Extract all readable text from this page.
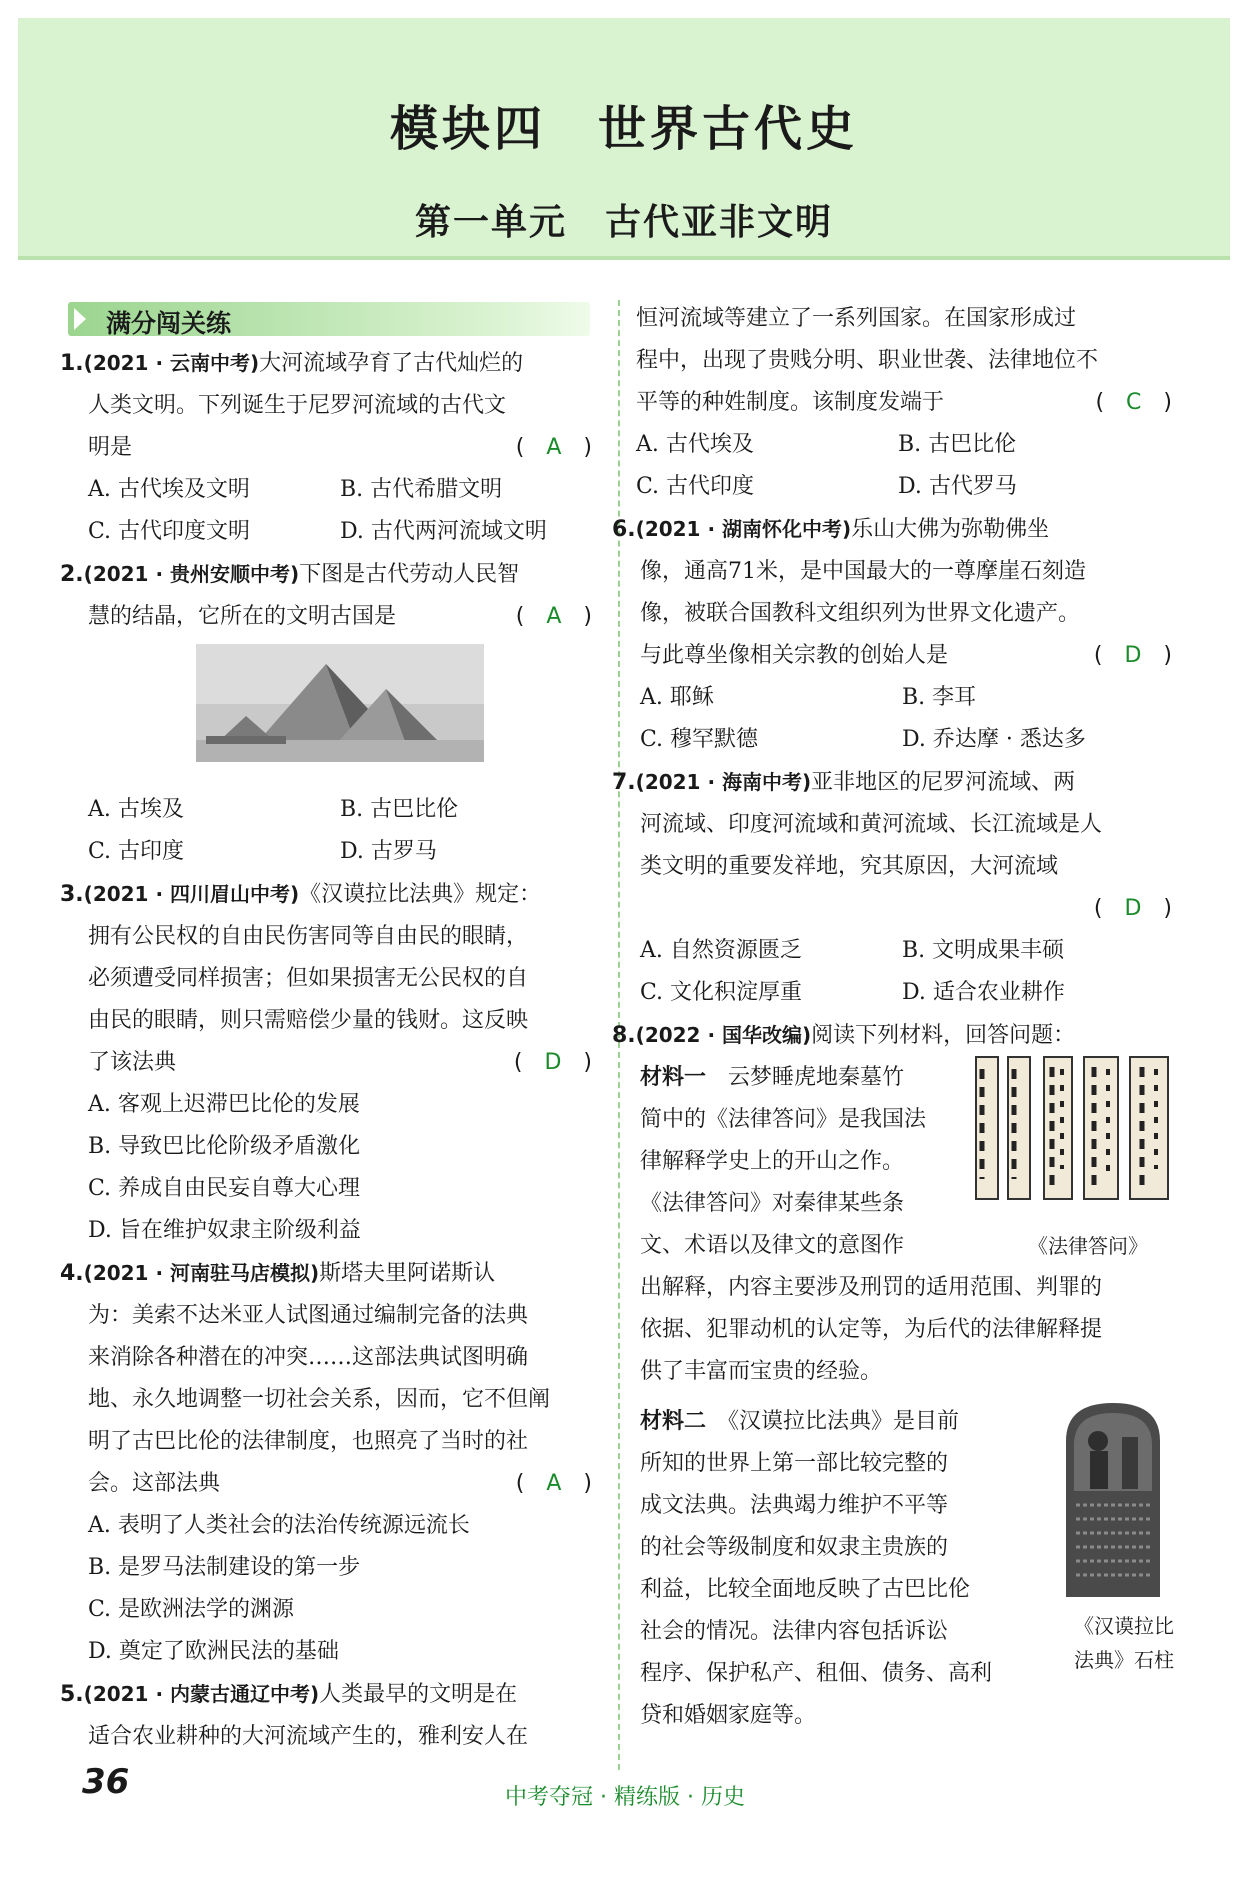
模块四　世界古代史
第一单元　古代亚非文明
满分闯关练
1.(2021 · 云南中考)大河流域孕育了古代灿烂的
人类文明。下列诞生于尼罗河流域的古代文
明是	(　A　)
A. 古代埃及文明	B. 古代希腊文明
C. 古代印度文明	D. 古代两河流域文明
2.(2021 · 贵州安顺中考)下图是古代劳动人民智
慧的结晶，它所在的文明古国是	(　A　)
A. 古埃及	B. 古巴比伦
C. 古印度	D. 古罗马
3.(2021 · 四川眉山中考)《汉谟拉比法典》规定：
拥有公民权的自由民伤害同等自由民的眼睛，
必须遭受同样损害；但如果损害无公民权的自
由民的眼睛，则只需赔偿少量的钱财。这反映
了该法典	(　D　)
A. 客观上迟滞巴比伦的发展
B. 导致巴比伦阶级矛盾激化
C. 养成自由民妄自尊大心理
D. 旨在维护奴隶主阶级利益
4.(2021 · 河南驻马店模拟)斯塔夫里阿诺斯认
为：美索不达米亚人试图通过编制完备的法典
来消除各种潜在的冲突……这部法典试图明确
地、永久地调整一切社会关系，因而，它不但阐
明了古巴比伦的法律制度，也照亮了当时的社
会。这部法典	(　A　)
A. 表明了人类社会的法治传统源远流长
B. 是罗马法制建设的第一步
C. 是欧洲法学的渊源
D. 奠定了欧洲民法的基础
5.(2021 · 内蒙古通辽中考)人类最早的文明是在
适合农业耕种的大河流域产生的，雅利安人在
恒河流域等建立了一系列国家。在国家形成过
程中，出现了贵贱分明、职业世袭、法律地位不
平等的种姓制度。该制度发端于	(　C　)
A. 古代埃及	B. 古巴比伦
C. 古代印度	D. 古代罗马
6.(2021 · 湖南怀化中考)乐山大佛为弥勒佛坐
像，通高71米，是中国最大的一尊摩崖石刻造
像，被联合国教科文组织列为世界文化遗产。
与此尊坐像相关宗教的创始人是	(　D　)
A. 耶稣	B. 李耳
C. 穆罕默德	D. 乔达摩 · 悉达多
7.(2021 · 海南中考)亚非地区的尼罗河流域、两
河流域、印度河流域和黄河流域、长江流域是人
类文明的重要发祥地，究其原因，大河流域
(　D　)

A. 自然资源匮乏	B. 文明成果丰硕
C. 文化积淀厚重	D. 适合农业耕作
8.(2022 · 国华改编)阅读下列材料，回答问题：
《法律答问》
材料一　 云梦睡虎地秦墓竹
简中的《法律答问》是我国法
律解释学史上的开山之作。
《法律答问》对秦律某些条
文、术语以及律文的意图作
出解释，内容主要涉及刑罚的适用范围、判罪的
依据、犯罪动机的认定等，为后代的法律解释提
供了丰富而宝贵的经验。
《汉谟拉比
法典》石柱
材料二　 《汉谟拉比法典》是目前
所知的世界上第一部比较完整的
成文法典。法典竭力维护不平等
的社会等级制度和奴隶主贵族的
利益，比较全面地反映了古巴比伦
社会的情况。法律内容包括诉讼
程序、保护私产、租佃、债务、高利
贷和婚姻家庭等。
36	中考夺冠 · 精练版 · 历史
